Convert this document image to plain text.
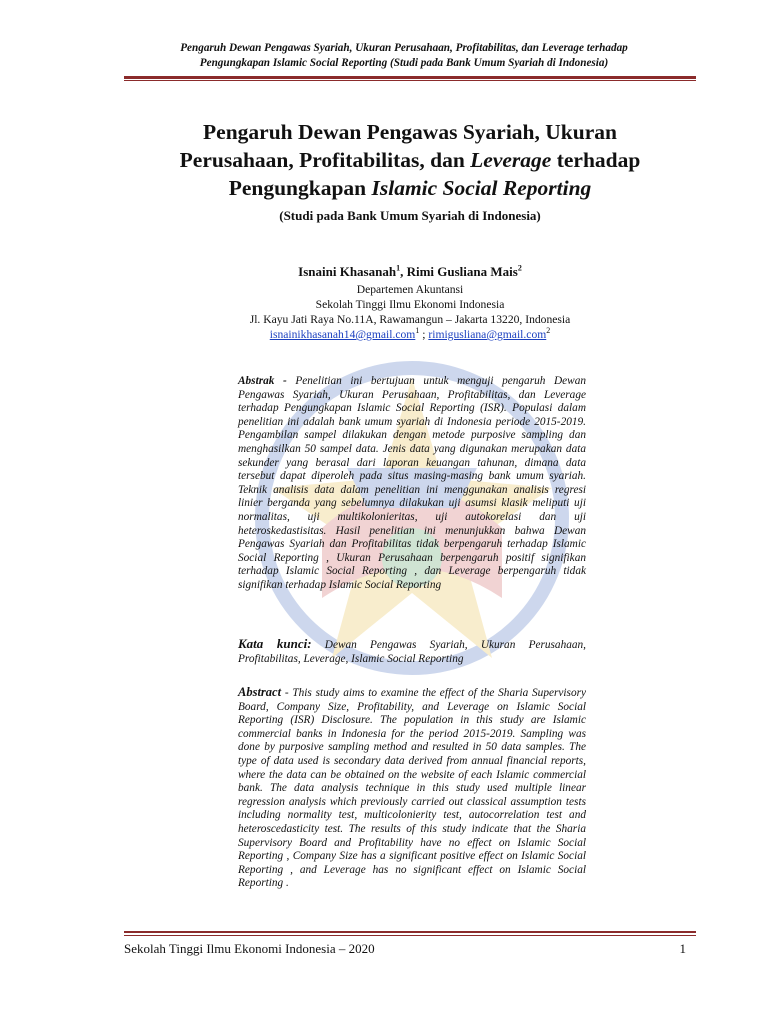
Pengaruh Dewan Pengawas Syariah, Ukuran Perusahaan, Profitabilitas, dan Leverage terhadap
Pengungkapan Islamic Social Reporting (Studi pada Bank Umum Syariah di Indonesia)
Pengaruh Dewan Pengawas Syariah, Ukuran
Perusahaan, Profitabilitas, dan Leverage terhadap
Pengungkapan Islamic Social Reporting
(Studi pada Bank Umum Syariah di Indonesia)
Isnaini Khasanah$^1$, Rimi Gusliana Mais$^2$
Departemen Akuntansi
Sekolah Tinggi Ilmu Ekonomi Indonesia
Jl. Kayu Jati Raya No.11A, Rawamangun – Jakarta 13220, Indonesia
isnainikhasanah14@gmail.com$^1$ ; rimigusliana@gmail.com$^2$
Abstrak - Penelitian ini bertujuan untuk menguji pengaruh Dewan Pengawas Syariah, Ukuran Perusahaan, Profitabilitas, dan Leverage terhadap Pengungkapan Islamic Social Reporting (ISR). Populasi dalam penelitian ini adalah bank umum syariah di Indonesia periode 2015-2019. Pengambilan sampel dilakukan dengan metode purposive sampling dan menghasilkan 50 sampel data. Jenis data yang digunakan merupakan data sekunder yang berasal dari laporan keuangan tahunan, dimana data tersebut dapat diperoleh pada situs masing-masing bank umum syariah. Teknik analisis data dalam penelitian ini menggunakan analisis regresi linier berganda yang sebelumnya dilakukan uji asumsi klasik meliputi uji normalitas, uji multikolonieritas, uji autokorelasi dan uji heteroskedastisitas. Hasil penelitian ini menunjukkan bahwa Dewan Pengawas Syariah dan Profitabilitas tidak berpengaruh terhadap Islamic Social Reporting , Ukuran Perusahaan berpengaruh positif signifikan terhadap Islamic Social Reporting , dan Leverage berpengaruh tidak signifikan terhadap Islamic Social Reporting
Kata kunci: Dewan Pengawas Syariah, Ukuran Perusahaan, Profitabilitas, Leverage, Islamic Social Reporting
Abstract - This study aims to examine the effect of the Sharia Supervisory Board, Company Size, Profitability, and Leverage on Islamic Social Reporting (ISR) Disclosure. The population in this study are Islamic commercial banks in Indonesia for the period 2015-2019. Sampling was done by purposive sampling method and resulted in 50 data samples. The type of data used is secondary data derived from annual financial reports, where the data can be obtained on the website of each Islamic commercial bank. The data analysis technique in this study used multiple linear regression analysis which previously carried out classical assumption tests including normality test, multicolonierity test, autocorrelation test and heteroscedasticity test. The results of this study indicate that the Sharia Supervisory Board and Profitability have no effect on Islamic Social Reporting , Company Size has a significant positive effect on Islamic Social Reporting , and Leverage has no significant effect on Islamic Social Reporting .
Sekolah Tinggi Ilmu Ekonomi Indonesia – 2020	1
